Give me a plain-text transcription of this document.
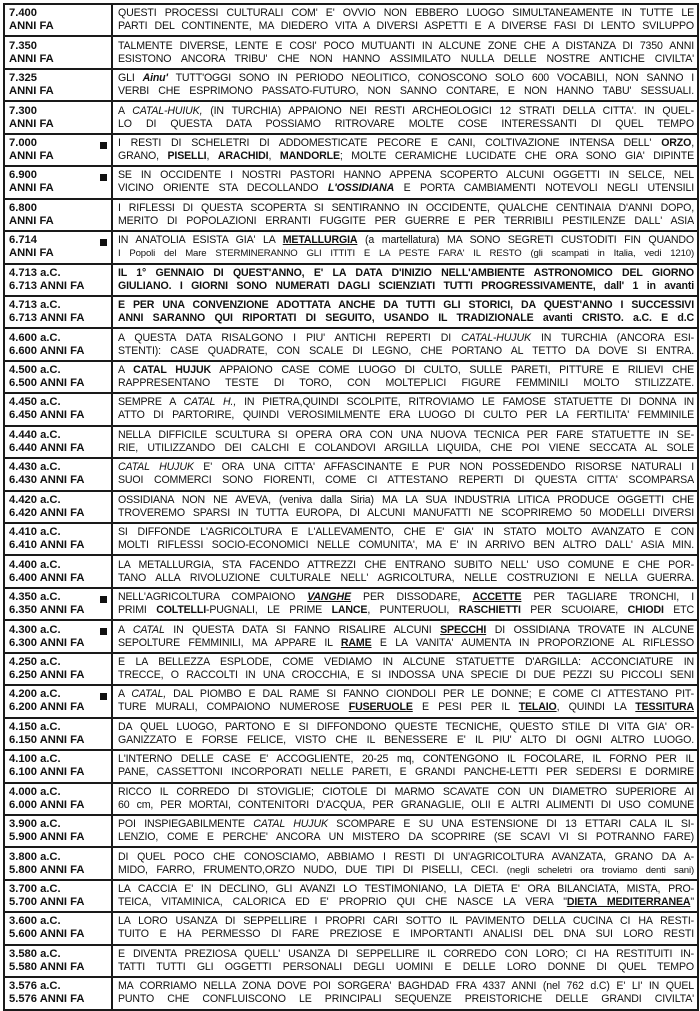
7.400
ANNI FA	QUESTI PROCESSI CULTURALI COM' E' OVVIO NON EBBERO LUOGO SIMULTANEAMENTE IN TUTTE LE
PARTI DEL CONTINENTE, MA DIEDERO VITA A DIVERSI ASPETTI E A DIVERSE FASI DI LENTO SVILUPPO

7.350
ANNI FA	TALMENTE DIVERSE, LENTE E COSI' POCO MUTUANTI IN ALCUNE ZONE CHE A DISTANZA DI 7350 ANNI
ESISTONO ANCORA TRIBU' CHE NON HANNO ASSIMILATO NULLA DELLE NOSTRE ANTICHE CIVILTA'

7.325
ANNI FA	GLI Ainu' TUTT'OGGI SONO IN PERIODO NEOLITICO, CONOSCONO SOLO 600 VOCABILI, NON SANNO I
VERBI CHE ESPRIMONO PASSATO-FUTURO, NON SANNO CONTARE, E NON HANNO TABU' SESSUALI.

7.300
ANNI FA	A CATAL-HUIUK, (IN TURCHIA) APPAIONO NEI RESTI ARCHEOLOGICI 12 STRATI DELLA CITTA'. IN QUEL-
LO DI QUESTA DATA POSSIAMO RITROVARE MOLTE COSE INTERESSANTI DI QUEL TEMPO

7.000
ANNI FA	I RESTI DI SCHELETRI DI ADDOMESTICATE PECORE E CANI, COLTIVAZIONE INTENSA DELL' ORZO,
GRANO, PISELLI, ARACHIDI, MANDORLE; MOLTE CERAMICHE LUCIDATE CHE ORA SONO GIA' DIPINTE

6.900
ANNI FA	SE IN OCCIDENTE I NOSTRI PASTORI HANNO APPENA SCOPERTO ALCUNI OGGETTI IN SELCE, NEL
VICINO ORIENTE STA DECOLLANDO L'OSSIDIANA E PORTA CAMBIAMENTI NOTEVOLI NEGLI UTENSILI

6.800
ANNI FA	I RIFLESSI DI QUESTA SCOPERTA SI SENTIRANNO IN OCCIDENTE, QUALCHE CENTINAIA D'ANNI DOPO,
MERITO DI POPOLAZIONI ERRANTI FUGGITE PER GUERRE E PER TERRIBILI PESTILENZE DALL' ASIA

6.714
ANNI FA	IN ANATOLIA ESISTA GIA' LA METALLURGIA (a martellatura) MA SONO SEGRETI CUSTODITI FIN QUANDO
I Popoli del Mare STERMINERANNO GLI ITTITI E LA PESTE FARA' IL RESTO (gli scampati in Italia, vedi 1210)

4.713 a.C.
6.713 ANNI FA	IL 1° GENNAIO DI QUEST'ANNO, E' LA DATA D'INIZIO NELL'AMBIENTE ASTRONOMICO DEL GIORNO
GIULIANO. I GIORNI SONO NUMERATI DAGLI SCIENZIATI TUTTI PROGRESSIVAMENTE, dall' 1 in avanti

4.713 a.C.
6.713 ANNI FA	E PER UNA CONVENZIONE ADOTTATA ANCHE DA TUTTI GLI STORICI, DA QUEST'ANNO I SUCCESSIVI
ANNI SARANNO QUI RIPORTATI DI SEGUITO, USANDO IL TRADIZIONALE avanti CRISTO. a.C. E d.C

4.600 a.C.
6.600 ANNI FA	A QUESTA DATA RISALGONO I PIU' ANTICHI REPERTI DI CATAL-HUJUK IN TURCHIA (ANCORA ESI-
STENTI): CASE QUADRATE, CON SCALE DI LEGNO, CHE PORTANO AL TETTO DA DOVE SI ENTRA.

4.500 a.C.
6.500 ANNI FA	A CATAL HUJUK APPAIONO CASE COME LUOGO DI CULTO, SULLE PARETI, PITTURE E RILIEVI CHE
RAPPRESENTANO TESTE DI TORO, CON MOLTEPLICI FIGURE FEMMINILI MOLTO STILIZZATE.

4.450 a.C.
6.450 ANNI FA	SEMPRE A CATAL H., IN PIETRA,QUINDI SCOLPITE, RITROVIAMO LE FAMOSE STATUETTE DI DONNA IN
ATTO DI PARTORIRE, QUINDI VEROSIMILMENTE ERA LUOGO DI CULTO PER LA FERTILITA' FEMMINILE

4.440 a.C.
6.440 ANNI FA	NELLA DIFFICILE SCULTURA SI OPERA ORA CON UNA NUOVA TECNICA PER FARE STATUETTE IN SE-
RIE, UTILIZZANDO DEI CALCHI E COLANDOVI ARGILLA LIQUIDA, CHE POI VIENE SECCATA AL SOLE

4.430 a.C.
6.430 ANNI FA	CATAL HUJUK E' ORA UNA CITTA' AFFASCINANTE E PUR NON POSSEDENDO RISORSE NATURALI I
SUOI COMMERCI SONO FIORENTI, COME CI ATTESTANO REPERTI DI QUESTA CITTA' SCOMPARSA

4.420 a.C.
6.420 ANNI FA	OSSIDIANA NON NE AVEVA, (veniva dalla Siria) MA LA SUA INDUSTRIA LITICA PRODUCE OGGETTI CHE
TROVEREMO SPARSI IN TUTTA EUROPA, DI ALCUNI MANUFATTI NE SCOPRIREMO 50 MODELLI DIVERSI

4.410 a.C.
6.410 ANNI FA	SI DIFFONDE L'AGRICOLTURA E L'ALLEVAMENTO, CHE E' GIA' IN STATO MOLTO AVANZATO E CON
MOLTI RIFLESSI SOCIO-ECONOMICI NELLE COMUNITA', MA E' IN ARRIVO BEN ALTRO DALL' ASIA MIN.

4.400 a.C.
6.400 ANNI FA	LA METALLURGIA, STA FACENDO ATTREZZI CHE ENTRANO SUBITO NELL' USO COMUNE E CHE POR-
TANO ALLA RIVOLUZIONE CULTURALE NELL' AGRICOLTURA, NELLE COSTRUZIONI E NELLA GUERRA.

4.350 a.C.
6.350 ANNI FA	NELL'AGRICOLTURA COMPAIONO VANGHE PER DISSODARE, ACCETTE PER TAGLIARE TRONCHI, I
PRIMI COLTELLI-PUGNALI, LE PRIME LANCE, PUNTERUOLI, RASCHIETTI PER SCUOIARE, CHIODI ETC

4.300 a.C.
6.300 ANNI FA	A CATAL IN QUESTA DATA SI FANNO RISALIRE ALCUNI SPECCHI DI OSSIDIANA TROVATE IN ALCUNE
SEPOLTURE FEMMINILI, MA APPARE IL RAME E LA VANITA' AUMENTA IN PROPORZIONE AL RIFLESSO

4.250 a.C.
6.250 ANNI FA	E LA BELLEZZA ESPLODE, COME VEDIAMO IN ALCUNE STATUETTE D'ARGILLA: ACCONCIATURE IN
TRECCE, O RACCOLTI IN UNA CROCCHIA, E SI INDOSSA UNA SPECIE DI DUE PEZZI SU PICCOLI SENI

4.200 a.C.
6.200 ANNI FA	A CATAL, DAL PIOMBO E DAL RAME SI FANNO CIONDOLI PER LE DONNE; E COME CI ATTESTANO PIT-
TURE MURALI, COMPAIONO NUMEROSE FUSERUOLE E PESI PER IL TELAIO, QUINDI LA TESSITURA

4.150 a.C.
6.150 ANNI FA	DA QUEL LUOGO, PARTONO E SI DIFFONDONO QUESTE TECNICHE, QUESTO STILE DI VITA GIA' OR-
GANIZZATO E FORSE FELICE, VISTO CHE IL BENESSERE E' IL PIU' ALTO DI OGNI ALTRO LUOGO.

4.100 a.C.
6.100 ANNI FA	L'INTERNO DELLE CASE E' ACCOGLIENTE, 20-25 mq, CONTENGONO IL FOCOLARE, IL FORNO PER IL
PANE, CASSETTONI INCORPORATI NELLE PARETI, E GRANDI PANCHE-LETTI PER SEDERSI E DORMIRE

4.000 a.C.
6.000 ANNI FA	RICCO IL CORREDO DI STOVIGLIE; CIOTOLE DI MARMO SCAVATE CON UN DIAMETRO SUPERIORE AI
60 cm, PER MORTAI, CONTENITORI D'ACQUA, PER GRANAGLIE, OLII E ALTRI ALIMENTI DI USO COMUNE

3.900 a.C.
5.900 ANNI FA	POI INSPIEGABILMENTE CATAL HUJUK SCOMPARE E SU UNA ESTENSIONE DI 13 ETTARI CALA IL SI-
LENZIO, COME E PERCHE' ANCORA UN MISTERO DA SCOPRIRE (SE SCAVI VI SI POTRANNO FARE)

3.800 a.C.
5.800 ANNI FA	DI QUEL POCO CHE CONOSCIAMO, ABBIAMO I RESTI DI UN'AGRICOLTURA AVANZATA, GRANO DA A-
MIDO, FARRO, FRUMENTO,ORZO NUDO, DUE TIPI DI PISELLI, CECI. (negli scheletri ora troviamo denti sani)

3.700 a.C.
5.700 ANNI FA	LA CACCIA E' IN DECLINO, GLI AVANZI LO TESTIMONIANO, LA DIETA E' ORA BILANCIATA, MISTA, PRO-
TEICA, VITAMINICA, CALORICA ED E' PROPRIO QUI CHE NASCE LA VERA "DIETA MEDITERRANEA"

3.600 a.C.
5.600 ANNI FA	LA LORO USANZA DI SEPPELLIRE I PROPRI CARI SOTTO IL PAVIMENTO DELLA CUCINA CI HA RESTI-
TUITO E HA PERMESSO DI FARE PREZIOSE E IMPORTANTI ANALISI DEL DNA SUI LORO RESTI

3.580 a.C.
5.580 ANNI FA	E DIVENTA PREZIOSA QUELL' USANZA DI SEPPELLIRE IL CORREDO CON LORO; CI HA RESTITUITI IN-
TATTI TUTTI GLI OGGETTI PERSONALI DEGLI UOMINI E DELLE LORO DONNE DI QUEL TEMPO

3.576 a.C.
5.576 ANNI FA	MA CORRIAMO NELLA ZONA DOVE POI SORGERA' BAGHDAD FRA 4337 ANNI (nel 762 d.C) E' LI' IN QUEL
PUNTO CHE CONFLUISCONO LE PRINCIPALI SEQUENZE PREISTORICHE DELLE GRANDI CIVILTA'
